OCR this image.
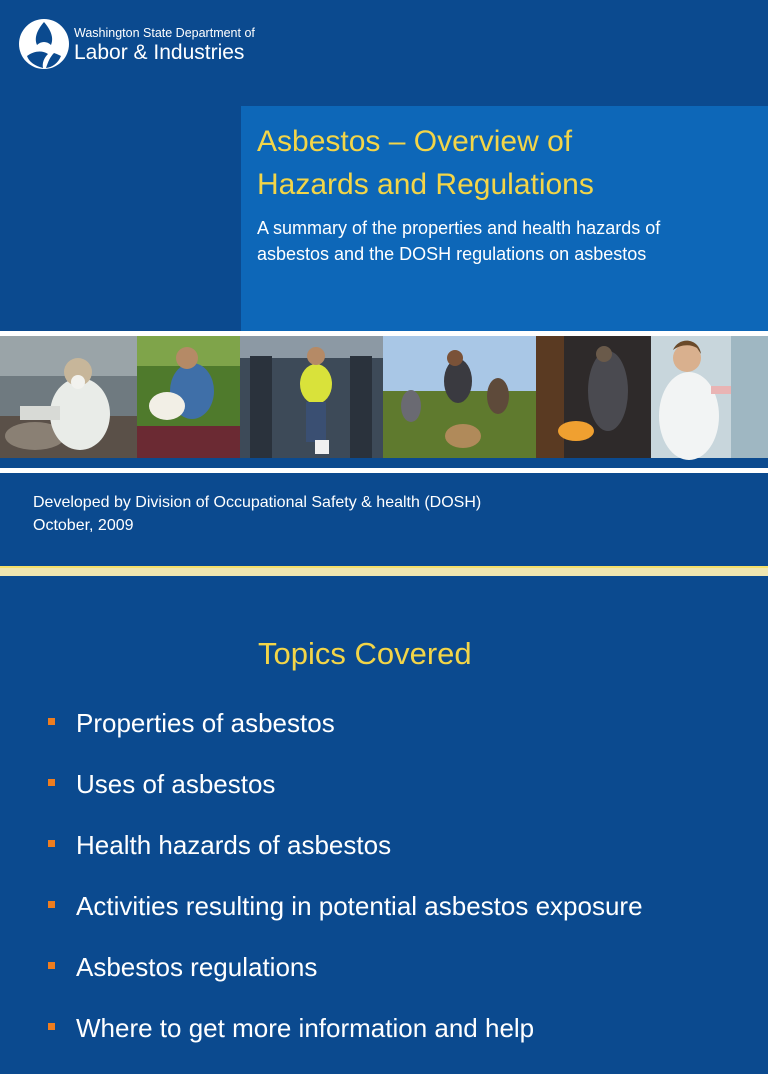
Washington State Department of
Labor & Industries
Asbestos – Overview of
Hazards and Regulations

A summary of the properties and health hazards of
asbestos and the DOSH regulations on asbestos

Developed by Division of Occupational Safety & health (DOSH)
October, 2009
Topics Covered
Properties of asbestos
Uses of asbestos
Health hazards of asbestos
Activities resulting in potential asbestos exposure
Asbestos regulations
Where to get more information and help
